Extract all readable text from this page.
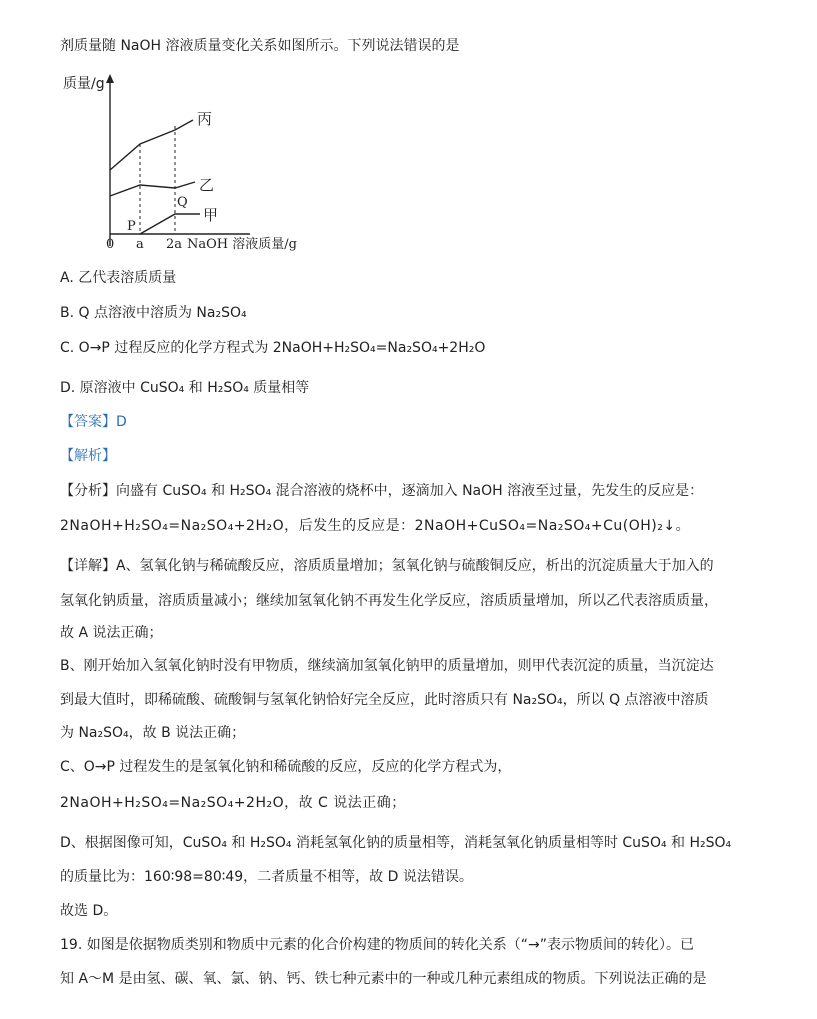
剂质量随 NaOH 溶液质量变化关系如图所示。下列说法错误的是
质量/g
NaOH 溶液质量/g
0 a 2a
丙
乙
甲
P
Q
A. 乙代表溶质质量
B. Q 点溶液中溶质为 Na₂SO₄
C. O→P 过程反应的化学方程式为 2NaOH+H₂SO₄=Na₂SO₄+2H₂O
D. 原溶液中 CuSO₄ 和 H₂SO₄ 质量相等
【答案】D
【解析】
【分析】向盛有 CuSO₄ 和 H₂SO₄ 混合溶液的烧杯中，逐滴加入 NaOH 溶液至过量，先发生的反应是：
2NaOH+H₂SO₄=Na₂SO₄+2H₂O，后发生的反应是：2NaOH+CuSO₄=Na₂SO₄+Cu(OH)₂↓。
【详解】A、氢氧化钠与稀硫酸反应，溶质质量增加；氢氧化钠与硫酸铜反应，析出的沉淀质量大于加入的
氢氧化钠质量，溶质质量减小；继续加氢氧化钠不再发生化学反应，溶质质量增加，所以乙代表溶质质量，
故 A 说法正确；
B、刚开始加入氢氧化钠时没有甲物质，继续滴加氢氧化钠甲的质量增加，则甲代表沉淀的质量，当沉淀达
到最大值时，即稀硫酸、硫酸铜与氢氧化钠恰好完全反应，此时溶质只有 Na₂SO₄，所以 Q 点溶液中溶质
为 Na₂SO₄，故 B 说法正确；
C、O→P 过程发生的是氢氧化钠和稀硫酸的反应，反应的化学方程式为，
2NaOH+H₂SO₄=Na₂SO₄+2H₂O，故 C 说法正确；
D、根据图像可知，CuSO₄ 和 H₂SO₄ 消耗氢氧化钠的质量相等，消耗氢氧化钠质量相等时 CuSO₄ 和 H₂SO₄
的质量比为：160∶98=80∶49，二者质量不相等，故 D 说法错误。
故选 D。
19. 如图是依据物质类别和物质中元素的化合价构建的物质间的转化关系（“→”表示物质间的转化）。已
知 A～M 是由氢、碳、氧、氯、钠、钙、铁七种元素中的一种或几种元素组成的物质。下列说法正确的是
